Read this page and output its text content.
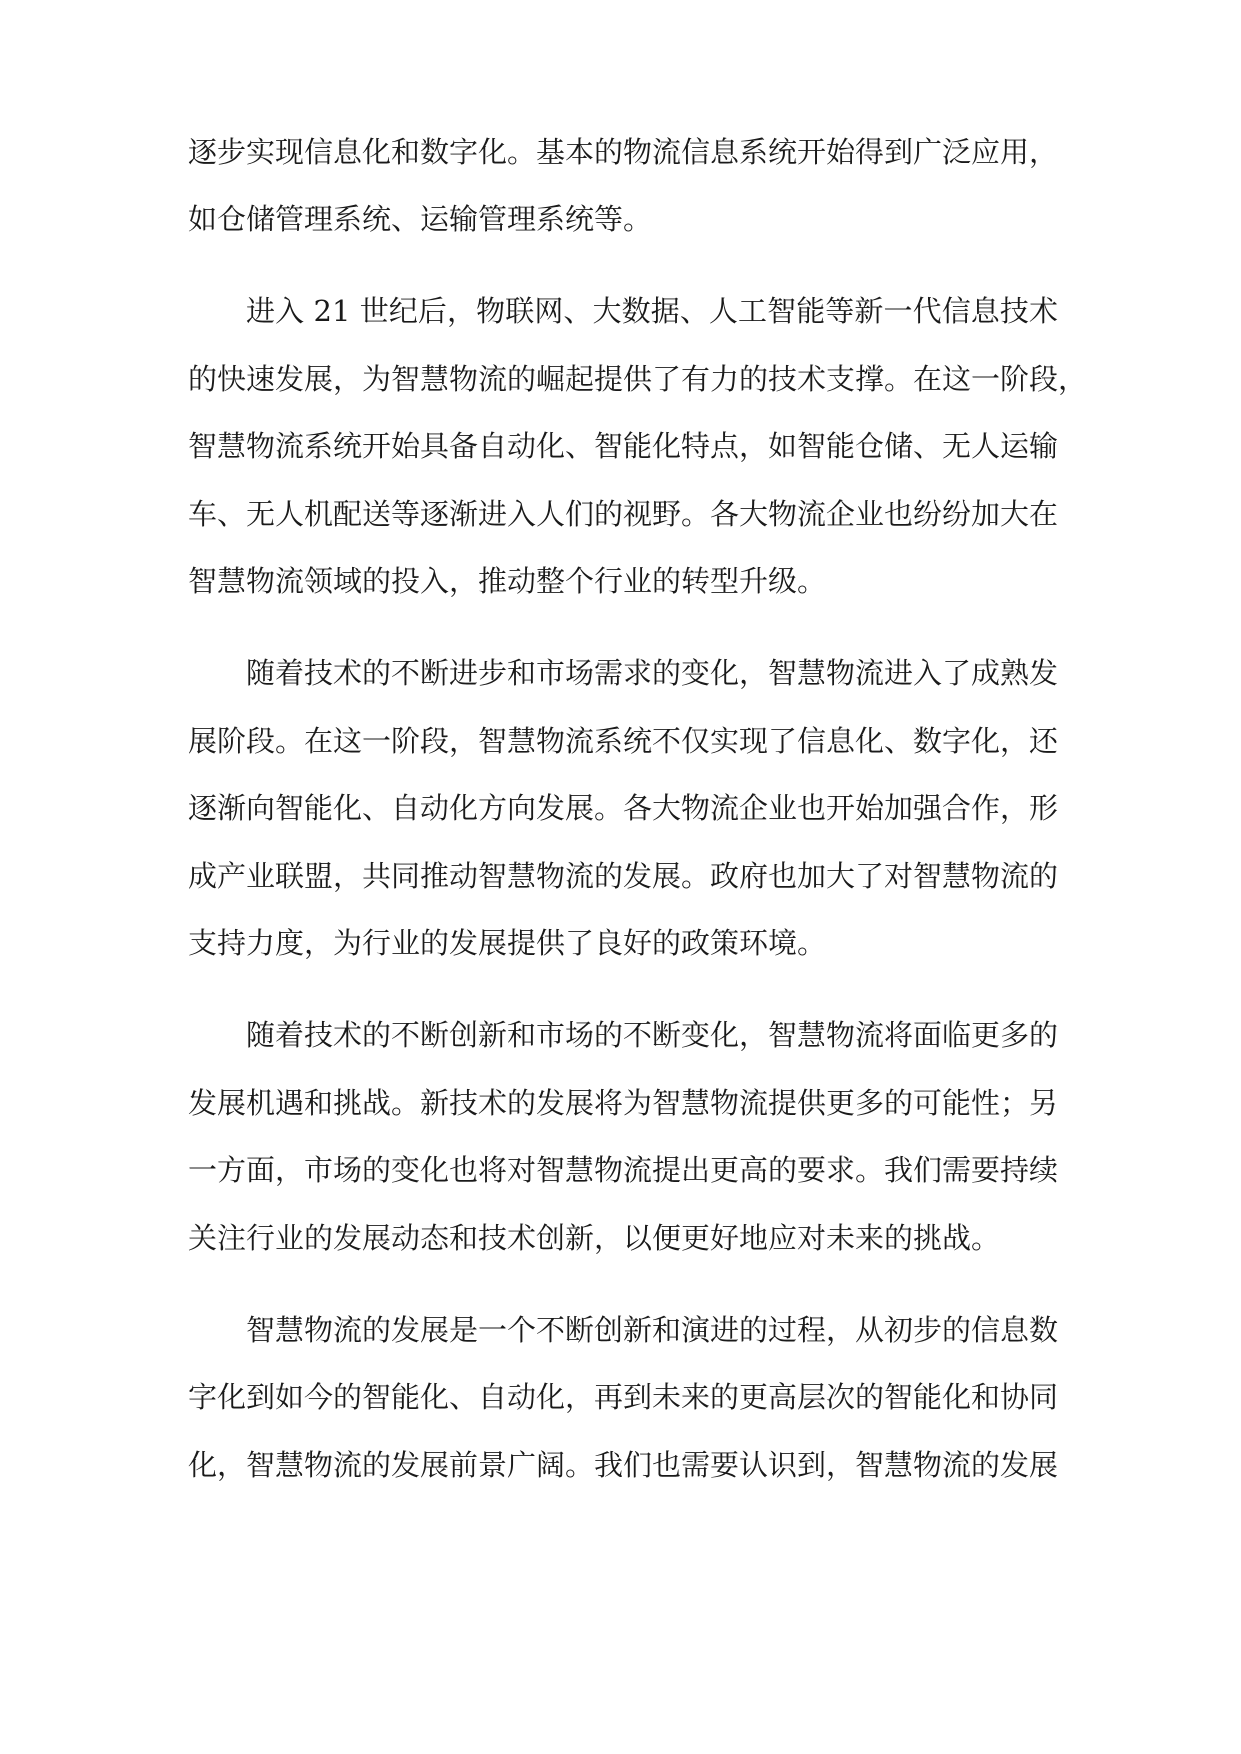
逐步实现信息化和数字化。基本的物流信息系统开始得到广泛应用，
如仓储管理系统、运输管理系统等。
进入 21 世纪后，物联网、大数据、人工智能等新一代信息技术
的快速发展，为智慧物流的崛起提供了有力的技术支撑。在这一阶段，
智慧物流系统开始具备自动化、智能化特点，如智能仓储、无人运输
车、无人机配送等逐渐进入人们的视野。各大物流企业也纷纷加大在
智慧物流领域的投入，推动整个行业的转型升级。
随着技术的不断进步和市场需求的变化，智慧物流进入了成熟发
展阶段。在这一阶段，智慧物流系统不仅实现了信息化、数字化，还
逐渐向智能化、自动化方向发展。各大物流企业也开始加强合作，形
成产业联盟，共同推动智慧物流的发展。政府也加大了对智慧物流的
支持力度，为行业的发展提供了良好的政策环境。
随着技术的不断创新和市场的不断变化，智慧物流将面临更多的
发展机遇和挑战。新技术的发展将为智慧物流提供更多的可能性；另
一方面，市场的变化也将对智慧物流提出更高的要求。我们需要持续
关注行业的发展动态和技术创新，以便更好地应对未来的挑战。
智慧物流的发展是一个不断创新和演进的过程，从初步的信息数
字化到如今的智能化、自动化，再到未来的更高层次的智能化和协同
化，智慧物流的发展前景广阔。我们也需要认识到，智慧物流的发展
